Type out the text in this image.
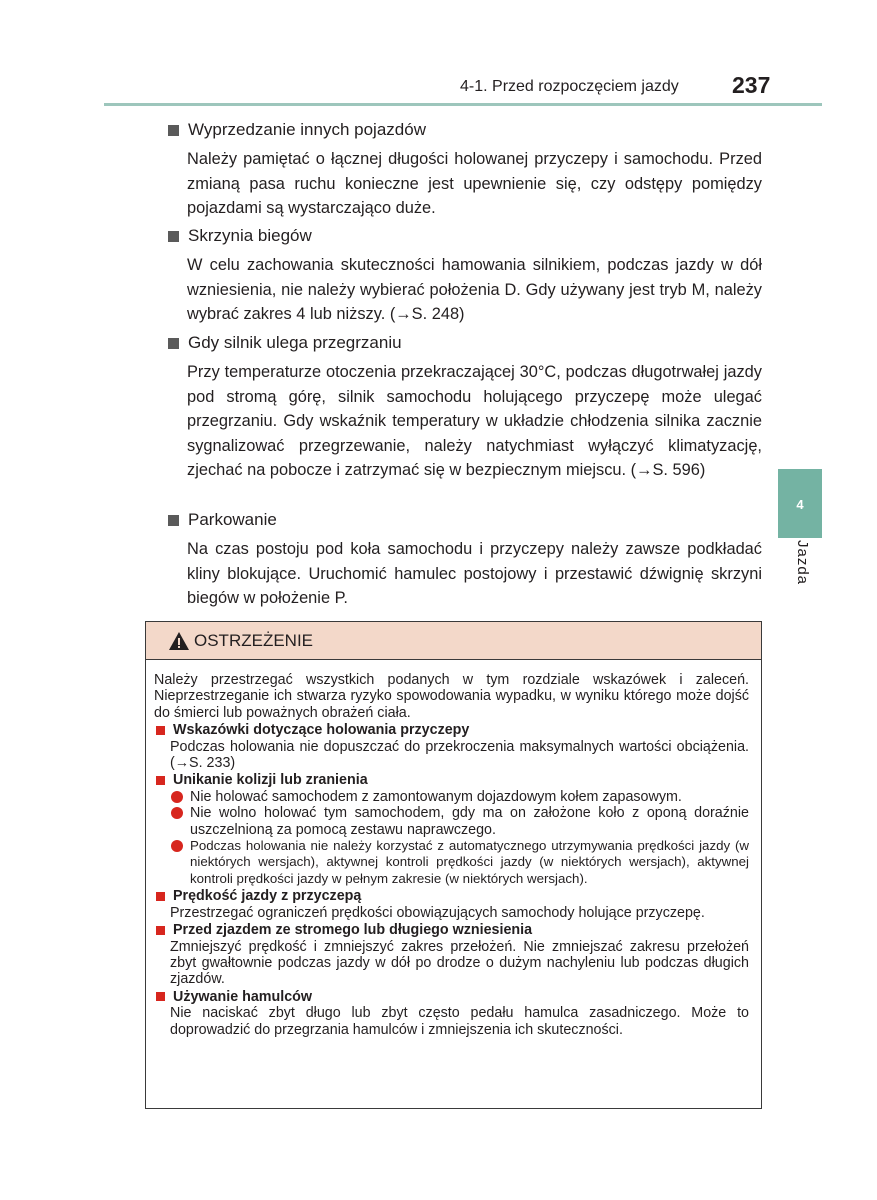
4-1. Przed rozpoczęciem jazdy 237
4
Jazda
Wyprzedzanie innych pojazdów
Należy pamiętać o łącznej długości holowanej przyczepy i samochodu. Przed zmianą pasa ruchu konieczne jest upewnienie się, czy odstępy pomiędzy pojazdami są wystarczająco duże.
Skrzynia biegów
W celu zachowania skuteczności hamowania silnikiem, podczas jazdy w dół wzniesienia, nie należy wybierać położenia D. Gdy używany jest tryb M, należy wybrać zakres 4 lub niższy. (→S. 248)
Gdy silnik ulega przegrzaniu
Przy temperaturze otoczenia przekraczającej 30°C, podczas długotrwałej jazdy pod stromą górę, silnik samochodu holującego przyczepę może ulegać przegrzaniu. Gdy wskaźnik temperatury w układzie chłodzenia silnika zacznie sygnalizować przegrzewanie, należy natychmiast wyłączyć klimatyzację, zjechać na pobocze i zatrzymać się w bezpiecznym miejscu. (→S. 596)
Parkowanie
Na czas postoju pod koła samochodu i przyczepy należy zawsze podkładać kliny blokujące. Uruchomić hamulec postojowy i przestawić dźwignię skrzyni biegów w położenie P.
OSTRZEŻENIE
Należy przestrzegać wszystkich podanych w tym rozdziale wskazówek i zaleceń. Nieprzestrzeganie ich stwarza ryzyko spowodowania wypadku, w wyniku którego może dojść do śmierci lub poważnych obrażeń ciała.
Wskazówki dotyczące holowania przyczepy
Podczas holowania nie dopuszczać do przekroczenia maksymalnych wartości obciążenia. (→S. 233)
Unikanie kolizji lub zranienia
Nie holować samochodem z zamontowanym dojazdowym kołem zapasowym.
Nie wolno holować tym samochodem, gdy ma on założone koło z oponą doraźnie uszczelnioną za pomocą zestawu naprawczego.
Podczas holowania nie należy korzystać z automatycznego utrzymywania prędkości jazdy (w niektórych wersjach), aktywnej kontroli prędkości jazdy (w niektórych wersjach), aktywnej kontroli prędkości jazdy w pełnym zakresie (w niektórych wersjach).
Prędkość jazdy z przyczepą
Przestrzegać ograniczeń prędkości obowiązujących samochody holujące przyczepę.
Przed zjazdem ze stromego lub długiego wzniesienia
Zmniejszyć prędkość i zmniejszyć zakres przełożeń. Nie zmniejszać zakresu przełożeń zbyt gwałtownie podczas jazdy w dół po drodze o dużym nachyleniu lub podczas długich zjazdów.
Używanie hamulców
Nie naciskać zbyt długo lub zbyt często pedału hamulca zasadniczego. Może to doprowadzić do przegrzania hamulców i zmniejszenia ich skuteczności.
